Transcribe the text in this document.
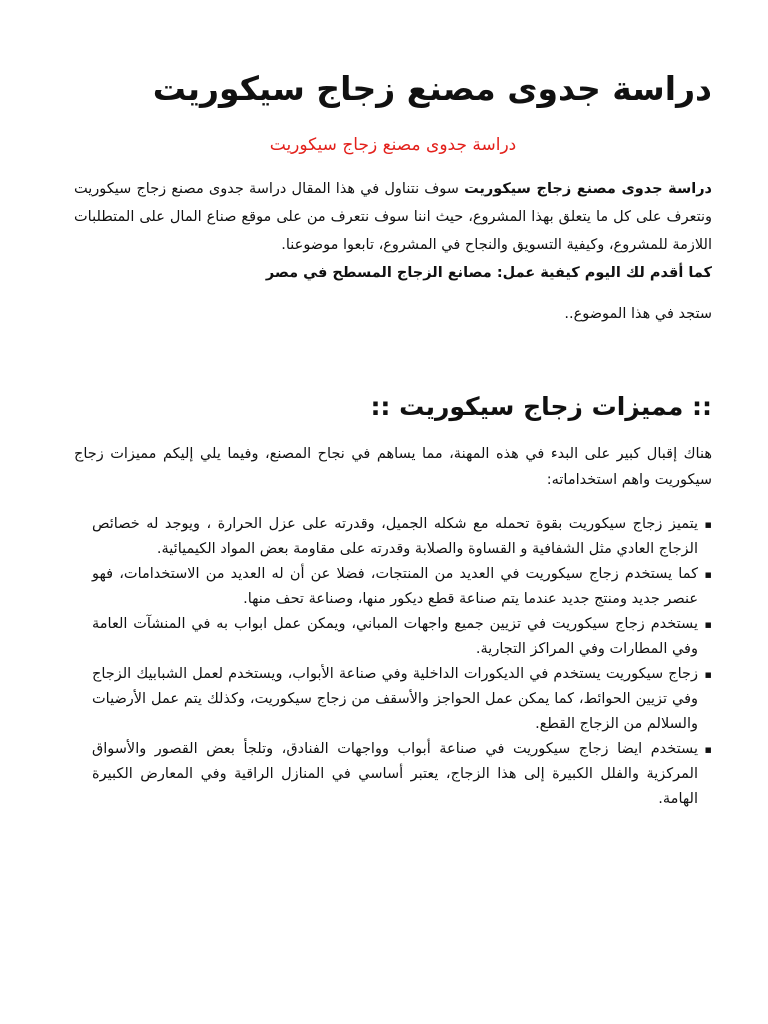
دراسة جدوى مصنع زجاج سيكوريت
دراسة جدوى مصنع زجاج سيكوريت

دراسة جدوى مصنع زجاج سيكوريت سوف نتناول في هذا المقال دراسة جدوى مصنع زجاج سيكوريت ونتعرف على كل ما يتعلق بهذا المشروع، حيث اننا سوف نتعرف من على موقع صناع المال على المتطلبات اللازمة للمشروع، وكيفية التسويق والنجاح في المشروع، تابعوا موضوعنا.

كما أقدم لك اليوم كيفية عمل: مصانع الزجاج المسطح في مصر

ستجد في هذا الموضوع..

:: مميزات زجاج سيكوريت ::

هناك إقبال كبير على البدء في هذه المهنة، مما يساهم في نجاح المصنع، وفيما يلي إليكم مميزات زجاج سيكوريت واهم استخداماته:

▪ يتميز زجاج سيكوريت بقوة تحمله مع شكله الجميل، وقدرته على عزل الحرارة ، ويوجد له خصائص الزجاج العادي مثل الشفافية و القساوة والصلابة وقدرته على مقاومة بعض المواد الكيميائية.
▪ كما يستخدم زجاج سيكوريت في العديد من المنتجات، فضلا عن أن له العديد من الاستخدامات، فهو عنصر جديد ومنتج جديد عندما يتم صناعة قطع ديكور منها، وصناعة تحف منها.
▪ يستخدم زجاج سيكوريت في تزيين جميع واجهات المباني، ويمكن عمل ابواب به في المنشآت العامة وفي المطارات وفي المراكز التجارية.
▪ زجاج سيكوريت يستخدم في الديكورات الداخلية وفي صناعة الأبواب، ويستخدم لعمل الشبابيك الزجاج وفي تزيين الحوائط، كما يمكن عمل الحواجز والأسقف من زجاج سيكوريت، وكذلك يتم عمل الأرضيات والسلالم من الزجاج القطع.
▪ يستخدم ايضا زجاج سيكوريت في صناعة أبواب وواجهات الفنادق، وتلجأ بعض القصور والأسواق المركزية والفلل الكبيرة إلى هذا الزجاج، يعتبر أساسي في المنازل الراقية وفي المعارض الكبيرة الهامة.
